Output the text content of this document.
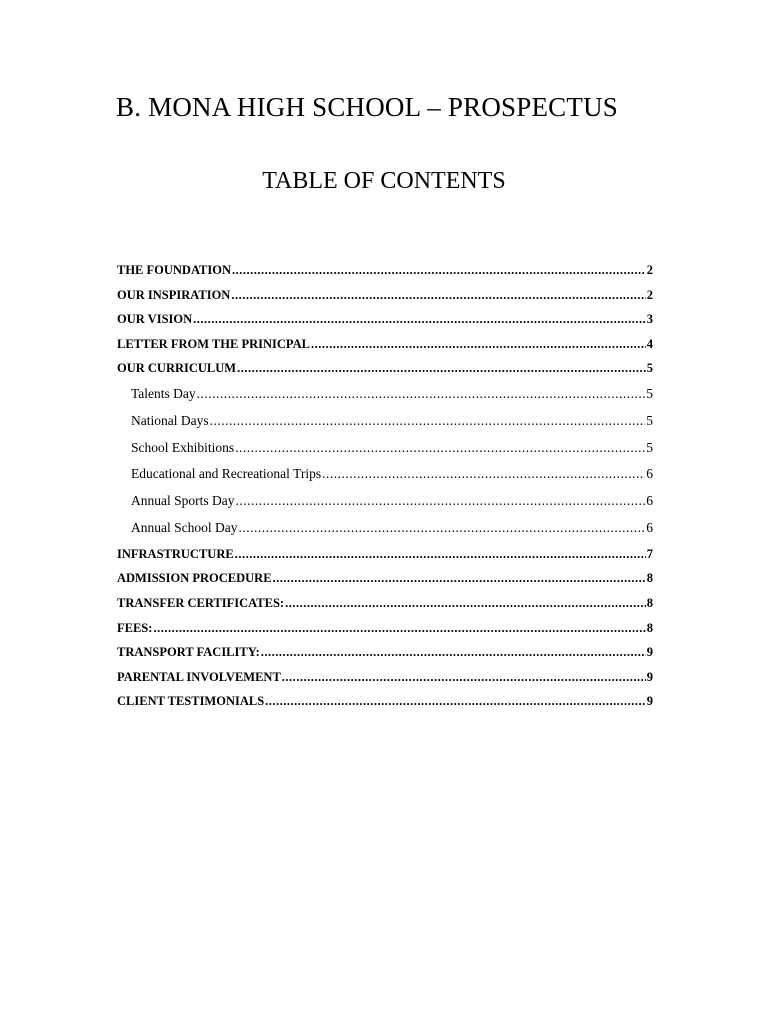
B. MONA HIGH SCHOOL – PROSPECTUS
TABLE OF CONTENTS
THE FOUNDATION .....	2
OUR INSPIRATION .....	2
OUR VISION .....	3
LETTER FROM THE PRINICPAL .....	4
OUR CURRICULUM .....	5
Talents Day .....	5
National Days .....	5
School Exhibitions .....	5
Educational and Recreational Trips .....	6
Annual Sports Day .....	6
Annual School Day .....	6
INFRASTRUCTURE .....	7
ADMISSION PROCEDURE .....	8
TRANSFER CERTIFICATES: .....	8
FEES: .....	8
TRANSPORT FACILITY: .....	9
PARENTAL INVOLVEMENT .....	9
CLIENT TESTIMONIALS .....	9
